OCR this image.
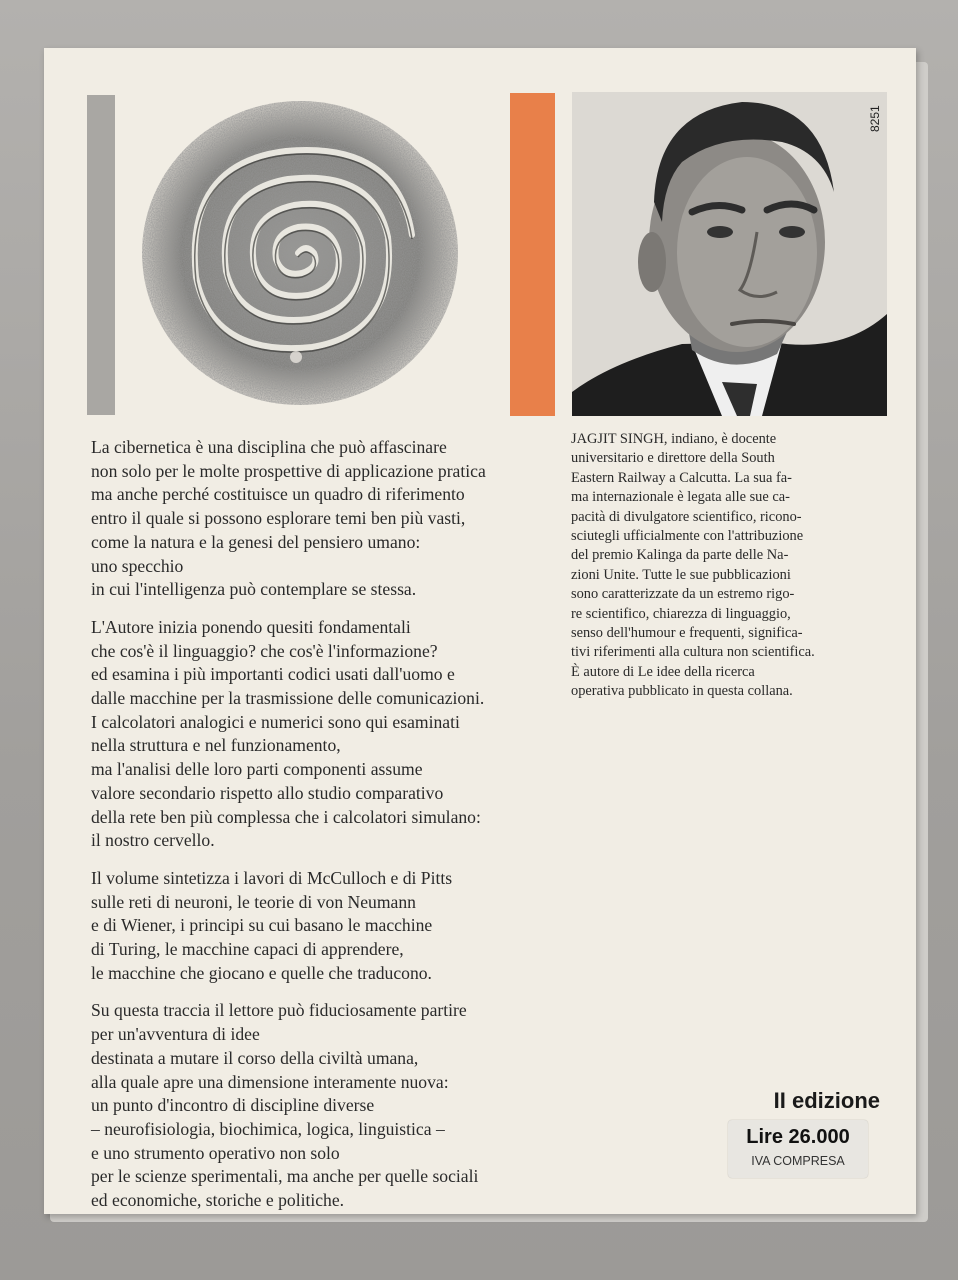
8251

La cibernetica è una disciplina che può affascinare
non solo per le molte prospettive di applicazione pratica
ma anche perché costituisce un quadro di riferimento
entro il quale si possono esplorare temi ben più vasti,
come la natura e la genesi del pensiero umano:
uno specchio
in cui l'intelligenza può contemplare se stessa.

L'Autore inizia ponendo quesiti fondamentali
che cos'è il linguaggio? che cos'è l'informazione?
ed esamina i più importanti codici usati dall'uomo e
dalle macchine per la trasmissione delle comunicazioni.
I calcolatori analogici e numerici sono qui esaminati
nella struttura e nel funzionamento,
ma l'analisi delle loro parti componenti assume
valore secondario rispetto allo studio comparativo
della rete ben più complessa che i calcolatori simulano:
il nostro cervello.

Il volume sintetizza i lavori di McCulloch e di Pitts
sulle reti di neuroni, le teorie di von Neumann
e di Wiener, i principi su cui basano le macchine
di Turing, le macchine capaci di apprendere,
le macchine che giocano e quelle che traducono.

Su questa traccia il lettore può fiduciosamente partire
per un'avventura di idee
destinata a mutare il corso della civiltà umana,
alla quale apre una dimensione interamente nuova:
un punto d'incontro di discipline diverse
– neurofisiologia, biochimica, logica, linguistica –
e uno strumento operativo non solo
per le scienze sperimentali, ma anche per quelle sociali
ed economiche, storiche e politiche.

JAGJIT SINGH, indiano, è docente
universitario e direttore della South
Eastern Railway a Calcutta. La sua fa-
ma internazionale è legata alle sue ca-
pacità di divulgatore scientifico, ricono-
sciutegli ufficialmente con l'attribuzione
del premio Kalinga da parte delle Na-
zioni Unite. Tutte le sue pubblicazioni
sono caratterizzate da un estremo rigo-
re scientifico, chiarezza di linguaggio,
senso dell'humour e frequenti, significa-
tivi riferimenti alla cultura non scientifica.
È autore di Le idee della ricerca
operativa pubblicato in questa collana.
II edizione
Lire 26.000
IVA COMPRESA
